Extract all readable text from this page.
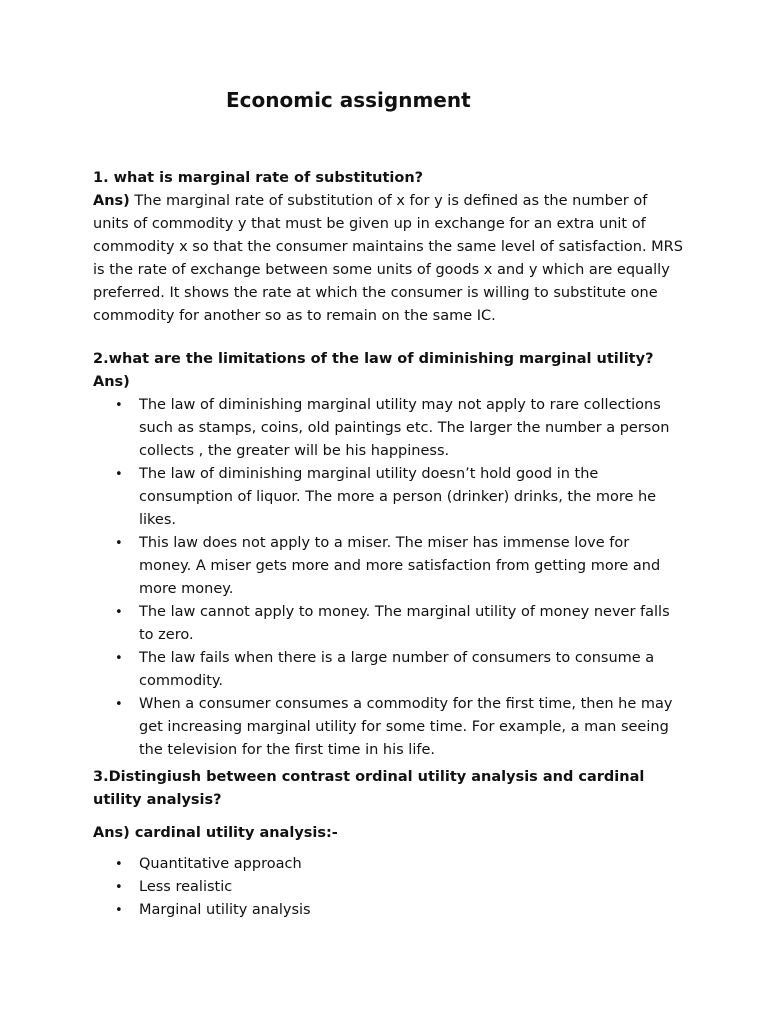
Economic assignment
1. what is marginal rate of substitution?

Ans) The marginal rate of substitution of x for y is defined as the number of units of commodity y that must be given up in exchange for an extra unit of commodity x so that the consumer maintains the same level of satisfaction. MRS is the rate of exchange between some units of goods x and y which are equally preferred. It shows the rate at which the consumer is willing to substitute one commodity for another so as to remain on the same IC.

2.what are the limitations of the law of diminishing marginal utility?
Ans)
• The law of diminishing marginal utility may not apply to rare collections such as stamps, coins, old paintings etc. The larger the number a person collects , the greater will be his happiness.
• The law of diminishing marginal utility doesn’t hold good in the consumption of liquor. The more a person (drinker) drinks, the more he likes.
• This law does not apply to a miser. The miser has immense love for money. A miser gets more and more satisfaction from getting more and more money.
• The law cannot apply to money. The marginal utility of money never falls to zero.
• The law fails when there is a large number of consumers to consume a commodity.
• When a consumer consumes a commodity for the first time, then he may get increasing marginal utility for some time. For example, a man seeing the television for the first time in his life.
3.Distingiush between contrast ordinal utility analysis and cardinal utility analysis?
Ans) cardinal utility analysis:-
• Quantitative approach
• Less realistic
• Marginal utility analysis
